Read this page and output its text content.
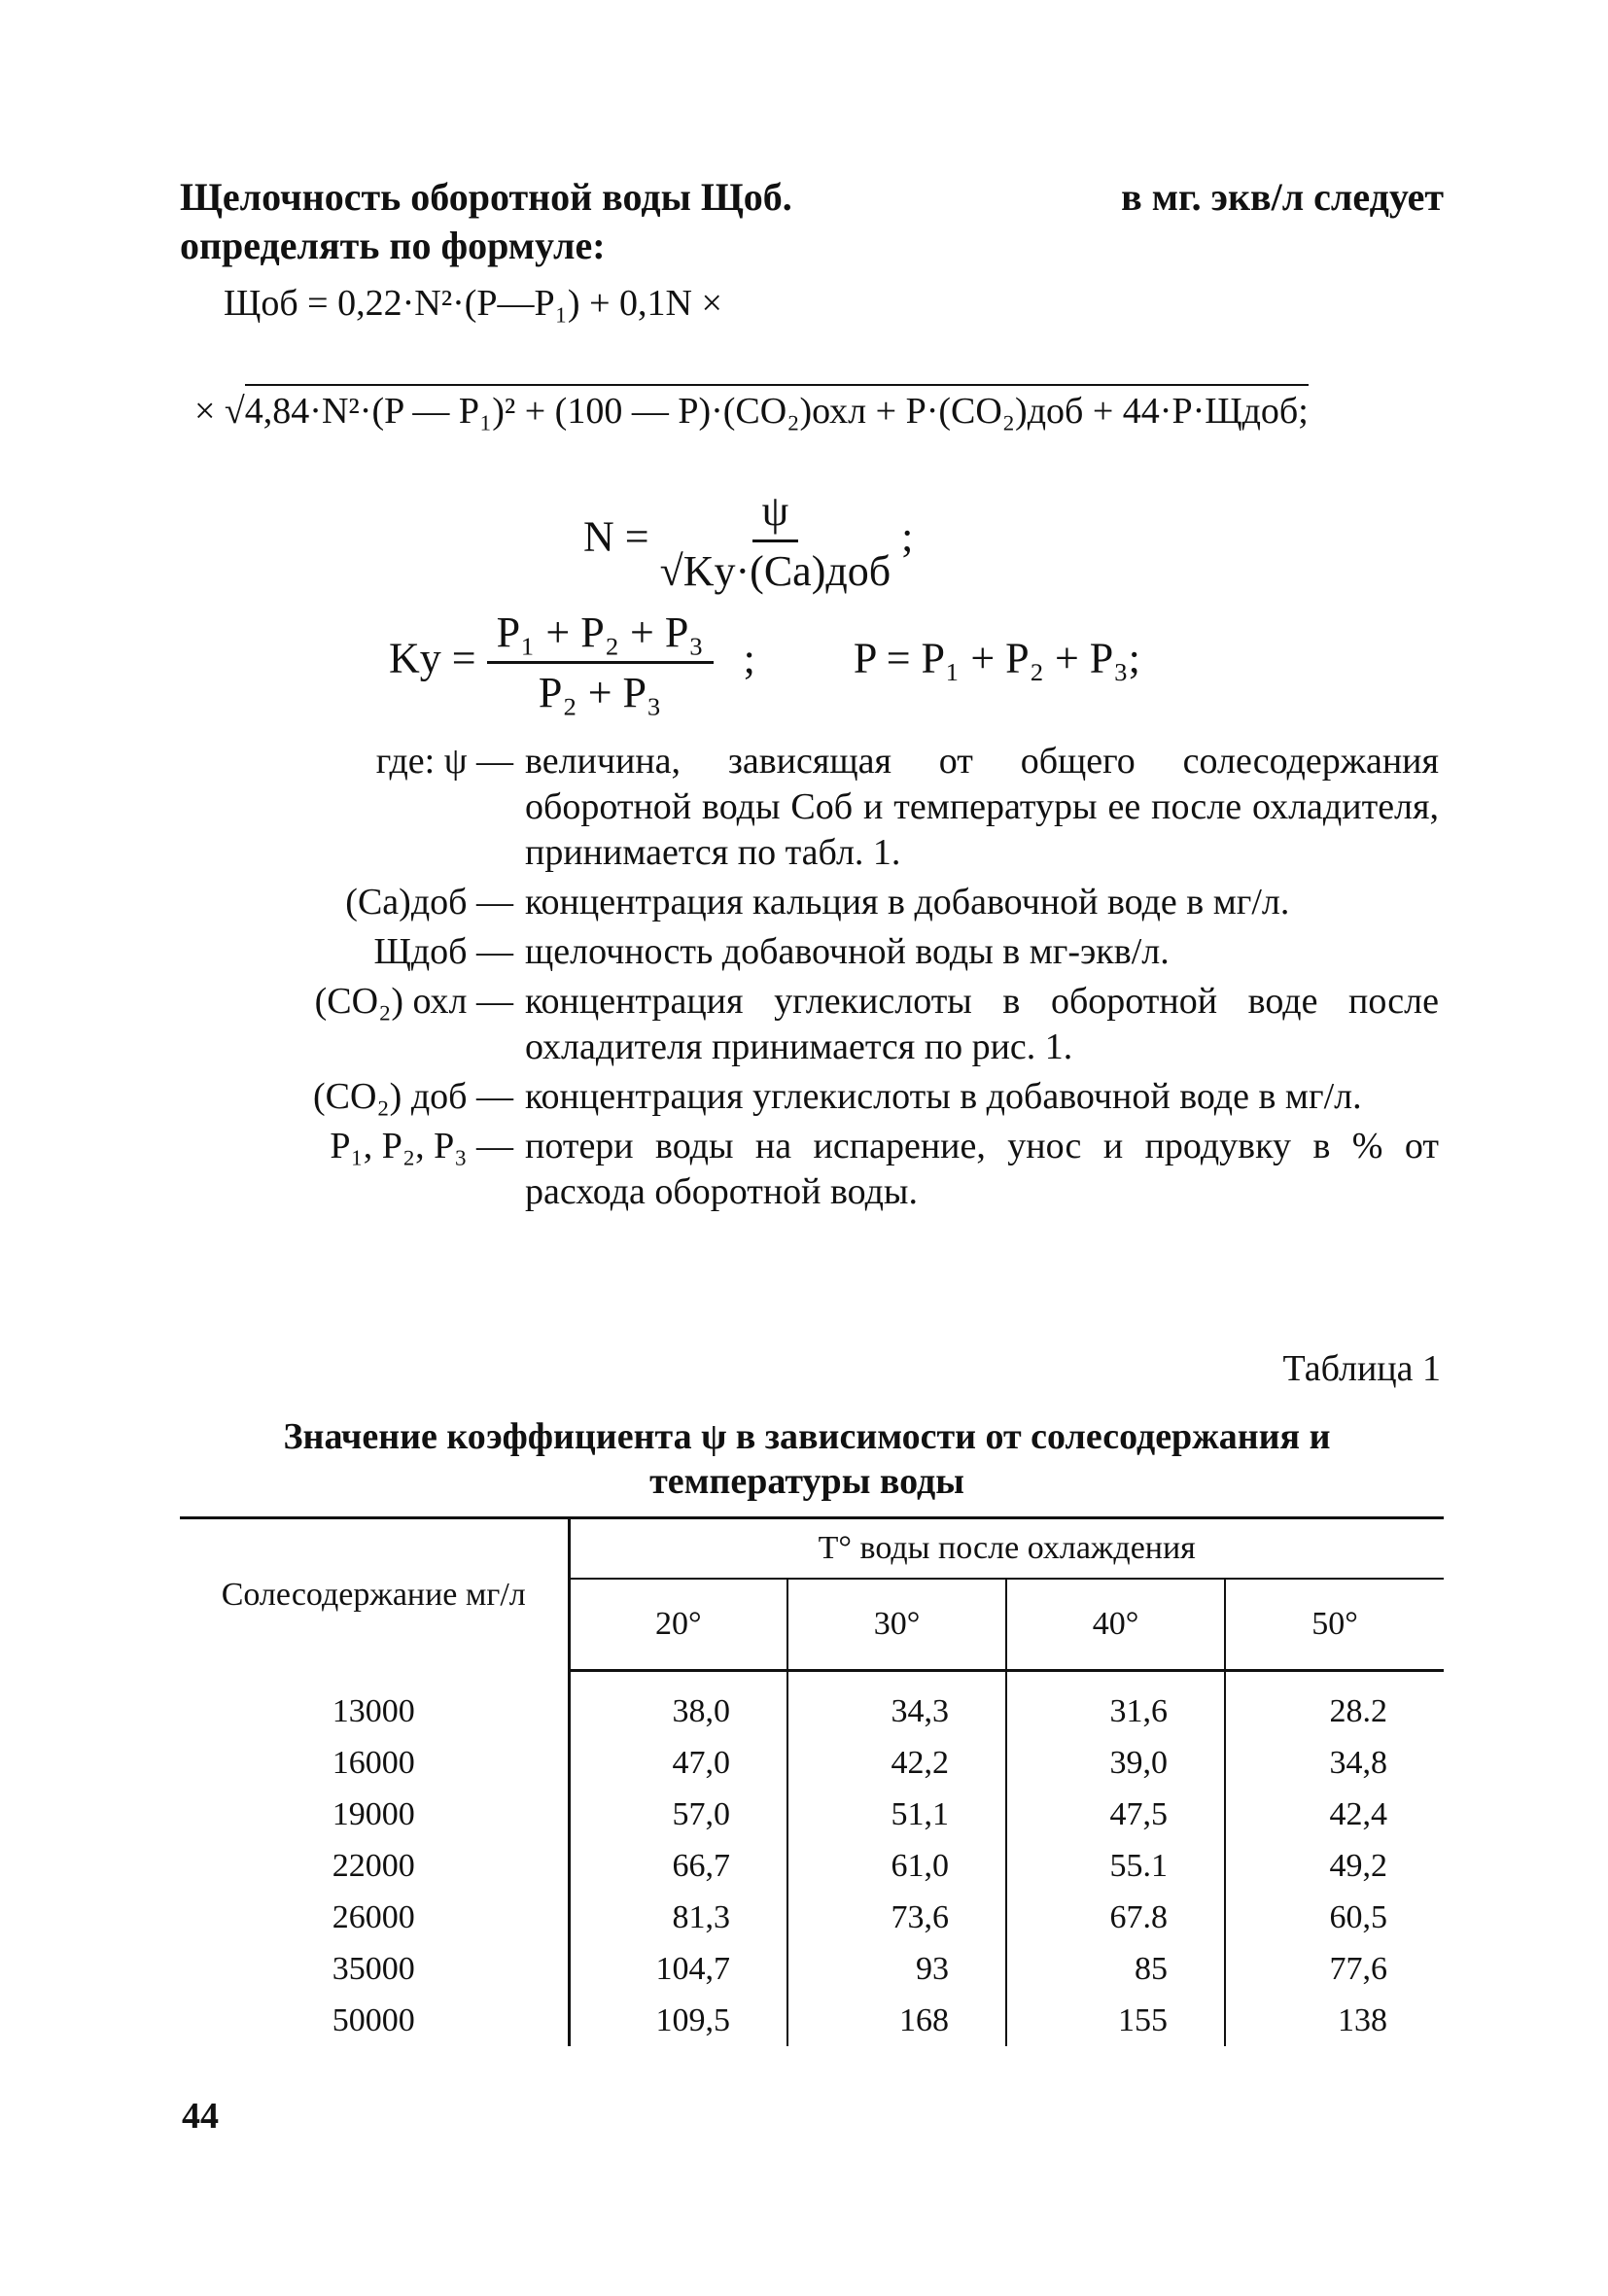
Щелочность оборотной воды Щоб.	в мг. экв/л следует
определять по формуле:
Щоб = 0,22·N²·(P—P₁) + 0,1N ×
× √4,84·N²·(P — P₁)² + (100 — P)·(CO₂)охл + P·(CO₂)доб + 44·P·Щдоб;
$N = \frac{\psi}{\text{√Kу·(Ca)доб}}$ ;
Kу = $\frac{\text{P₁ + P₂ + P₃}}{\text{P₂ + P₃}}$ ; P = P₁ + P₂ + P₃;
где: ψ — величина, зависящая от общего солесодержания оборотной воды Cоб и температуры ее после охладителя, принимается по табл. 1.
(Ca)доб — концентрация кальция в добавочной воде в мг/л.
Щдоб — щелочность добавочной воды в мг-экв/л.
(CO₂) охл — концентрация углекислоты в оборотной воде после охладителя принимается по рис. 1.
(CO₂) доб — концентрация углекислоты в добавочной воде в мг/л.
P₁, P₂, P₃ — потери воды на испарение, унос и продувку в % от расхода оборотной воды.
Таблица 1
Значение коэффициента ψ в зависимости от солесодержания и температуры воды
Солесодержание мг/л	T° воды после охлаждения			
	20°	30°	40°	50°

13000	38,0	34,3	31,6	28.2
16000	47,0	42,2	39,0	34,8
19000	57,0	51,1	47,5	42,4
22000	66,7	61,0	55.1	49,2
26000	81,3	73,6	67.8	60,5
35000	104,7	93	85	77,6
50000	109,5	168	155	138
44
